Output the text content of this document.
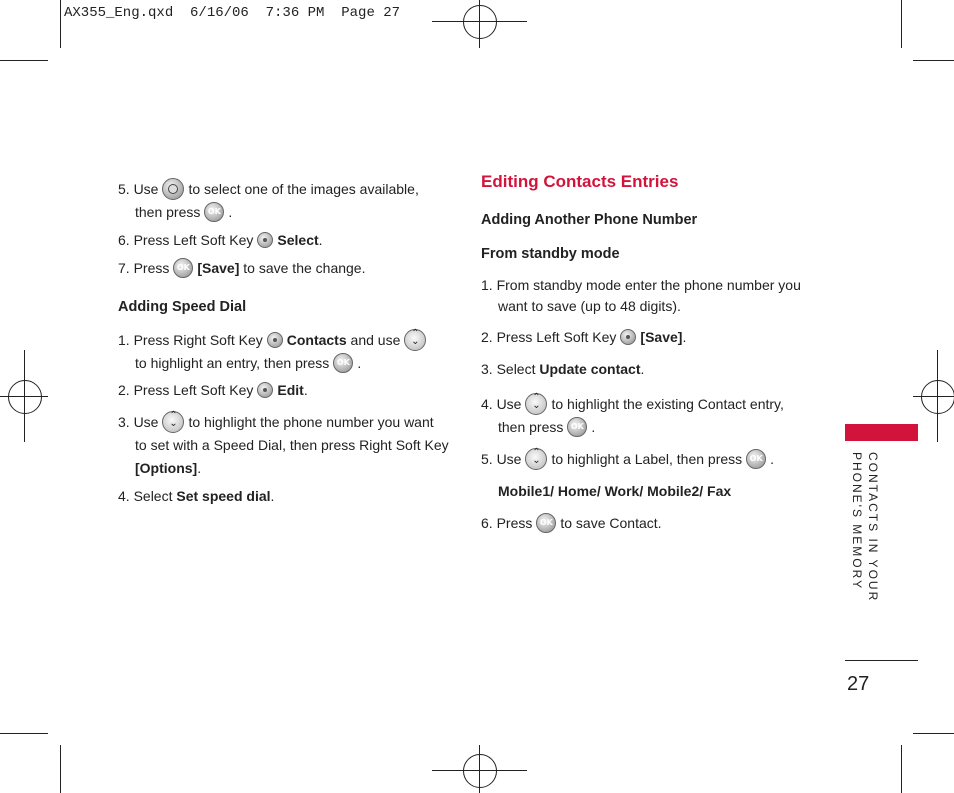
AX355_Eng.qxd  6/16/06  7:36 PM  Page 27

5. Use to select one of the images available,

then press OK .

6. Press Left Soft Key Select.

7. Press OK [Save] to save the change.

Adding Speed Dial

1. Press Right Soft Key Contacts and use⌃ ⌄

to highlight an entry, then press OK .

2. Press Left Soft Key Edit.

3. Use ⌃ ⌄ to highlight the phone number you want

to set with a Speed Dial, then press Right Soft Key

[Options].

4. Select Set speed dial.

Editing Contacts Entries

Adding Another Phone Number

From standby mode

1. From standby mode enter the phone number you

want to save (up to 48 digits).

2. Press Left Soft Key [Save].

3. Select Update contact.

4. Use ⌃ ⌄ to highlight the existing Contact entry,

then press OK .

5. Use ⌃ ⌄ to highlight a Label, then press OK .

Mobile1/ Home/ Work/ Mobile2/ Fax

6. Press OK to save Contact.	CONTACTS IN YOUR
PHONE'S MEMORY
27
